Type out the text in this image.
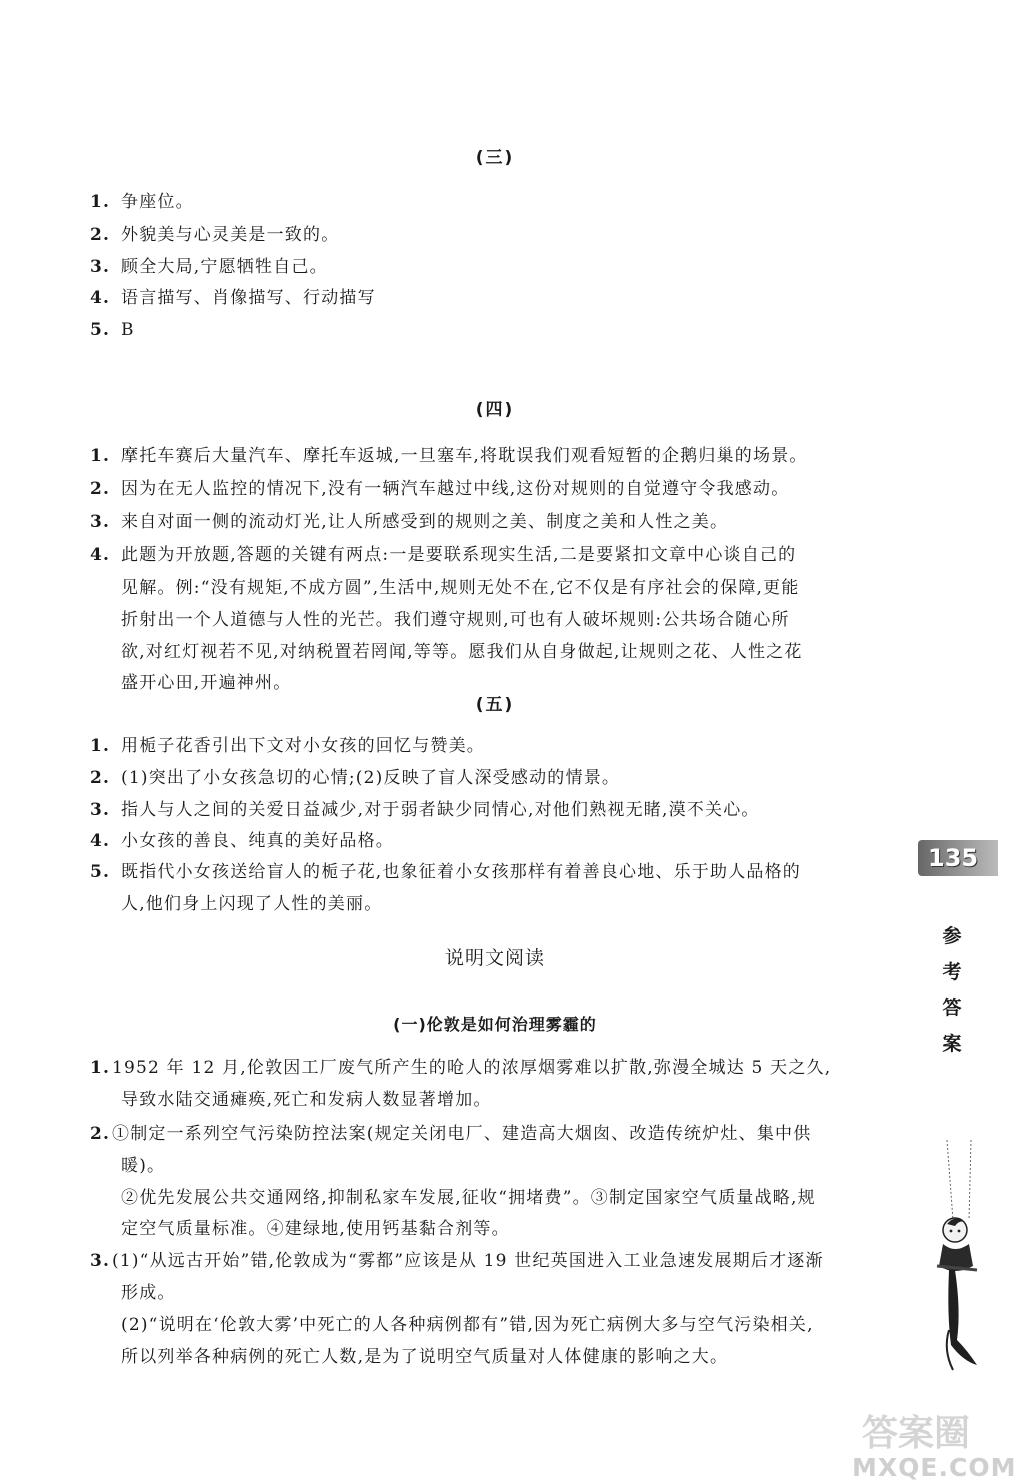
(三)
1. 争座位。
2. 外貌美与心灵美是一致的。
3. 顾全大局,宁愿牺牲自己。
4. 语言描写、肖像描写、行动描写
5. B
(四)
1. 摩托车赛后大量汽车、摩托车返城,一旦塞车,将耽误我们观看短暂的企鹅归巢的场景。
2. 因为在无人监控的情况下,没有一辆汽车越过中线,这份对规则的自觉遵守令我感动。
3. 来自对面一侧的流动灯光,让人所感受到的规则之美、制度之美和人性之美。
4. 此题为开放题,答题的关键有两点:一是要联系现实生活,二是要紧扣文章中心谈自己的
见解。例:“没有规矩,不成方圆”,生活中,规则无处不在,它不仅是有序社会的保障,更能
折射出一个人道德与人性的光芒。我们遵守规则,可也有人破坏规则:公共场合随心所
欲,对红灯视若不见,对纳税置若罔闻,等等。愿我们从自身做起,让规则之花、人性之花
盛开心田,开遍神州。
(五)
1. 用栀子花香引出下文对小女孩的回忆与赞美。
2. (1)突出了小女孩急切的心情;(2)反映了盲人深受感动的情景。
3. 指人与人之间的关爱日益减少,对于弱者缺少同情心,对他们熟视无睹,漠不关心。
4. 小女孩的善良、纯真的美好品格。
5. 既指代小女孩送给盲人的栀子花,也象征着小女孩那样有着善良心地、乐于助人品格的
人,他们身上闪现了人性的美丽。
说明文阅读
(一)伦敦是如何治理雾霾的
1. 1952 年 12 月,伦敦因工厂废气所产生的呛人的浓厚烟雾难以扩散,弥漫全城达 5 天之久,
导致水陆交通瘫痪,死亡和发病人数显著增加。
2. ①制定一系列空气污染防控法案(规定关闭电厂、建造高大烟囱、改造传统炉灶、集中供
暖)。
②优先发展公共交通网络,抑制私家车发展,征收“拥堵费”。③制定国家空气质量战略,规
定空气质量标准。④建绿地,使用钙基黏合剂等。
3. (1)“从远古开始”错,伦敦成为“雾都”应该是从 19 世纪英国进入工业急速发展期后才逐渐
形成。
(2)“说明在‘伦敦大雾’中死亡的人各种病例都有”错,因为死亡病例大多与空气污染相关,
所以列举各种病例的死亡人数,是为了说明空气质量对人体健康的影响之大。
135
参
考
答
案
答案圈
MXQE.COM
